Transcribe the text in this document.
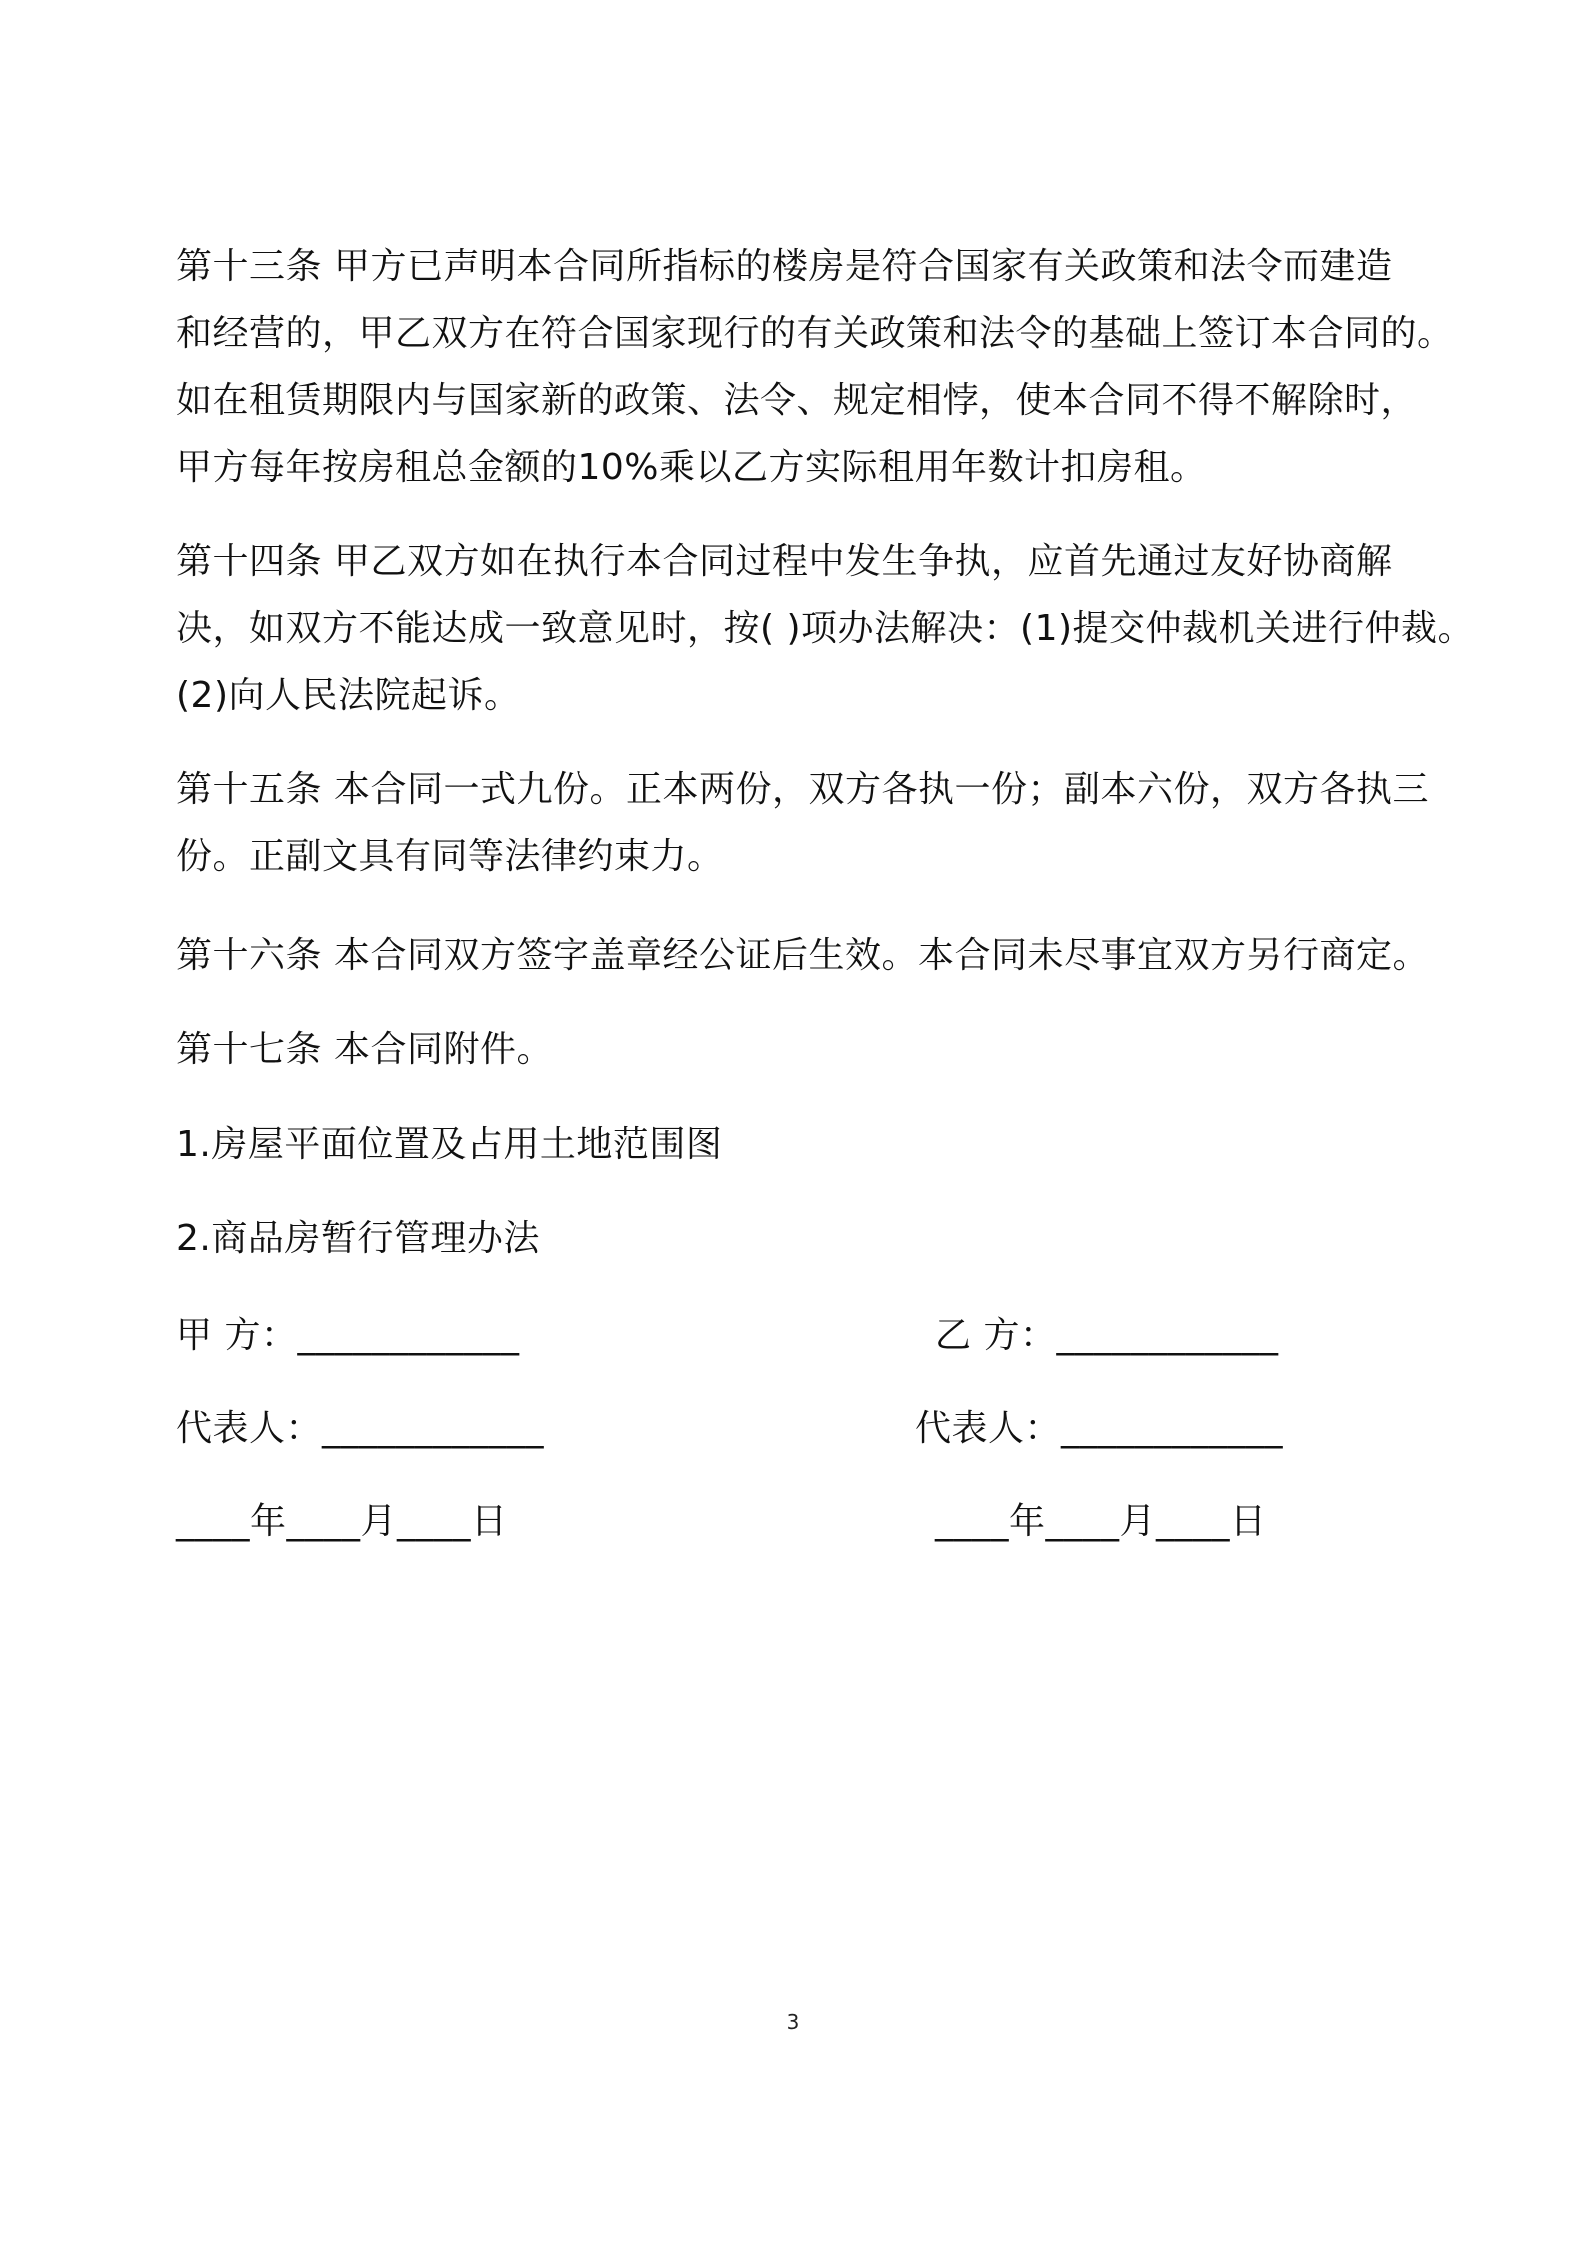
第十三条 甲方已声明本合同所指标的楼房是符合国家有关政策和法令而建造
和经营的，甲乙双方在符合国家现行的有关政策和法令的基础上签订本合同的。
如在租赁期限内与国家新的政策、法令、规定相悖，使本合同不得不解除时，
甲方每年按房租总金额的10%乘以乙方实际租用年数计扣房租。
第十四条 甲乙双方如在执行本合同过程中发生争执，应首先通过友好协商解
决，如双方不能达成一致意见时，按( )项办法解决：(1)提交仲裁机关进行仲裁。
(2)向人民法院起诉。
第十五条 本合同一式九份。正本两份，双方各执一份；副本六份，双方各执三
份。正副文具有同等法律约束力。
第十六条 本合同双方签字盖章经公证后生效。本合同未尽事宜双方另行商定。
第十七条 本合同附件。
1.房屋平面位置及占用土地范围图
2.商品房暂行管理办法
甲 方：____________	乙 方：____________
代表人：____________	代表人：____________
____年____月____日	____年____月____日
3
